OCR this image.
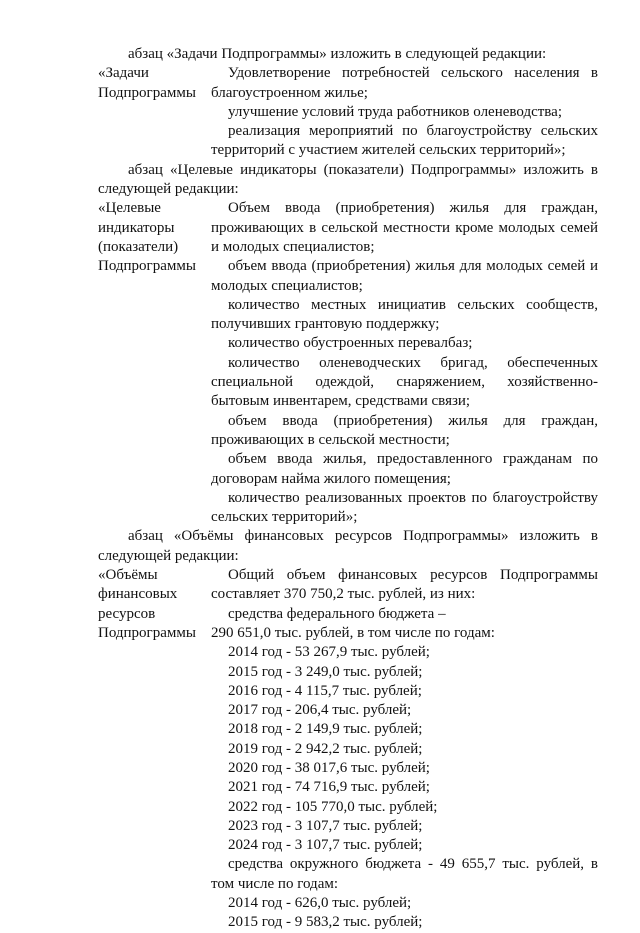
абзац «Задачи Подпрограммы» изложить в следующей редакции:

«Задачи
Подпрограммы

Удовлетворение потребностей сельского населения в благоустроенном жилье;

улучшение условий труда работников оленеводства;

реализация мероприятий по благоустройству сельских территорий с участием жителей сельских территорий»;

абзац «Целевые индикаторы (показатели) Подпрограммы» изложить в следующей редакции:

«Целевые
индикаторы
(показатели)
Подпрограммы

Объем ввода (приобретения) жилья для граждан, проживающих в сельской местности кроме молодых семей и молодых специалистов;

объем ввода (приобретения) жилья для молодых семей и молодых специалистов;

количество местных инициатив сельских сообществ, получивших грантовую поддержку;

количество обустроенных перевалбаз;

количество оленеводческих бригад, обеспеченных специальной одеждой, снаряжением, хозяйственно-бытовым инвентарем, средствами связи;

объем ввода (приобретения) жилья для граждан, проживающих в сельской местности;

объем ввода жилья, предоставленного гражданам по договорам найма жилого помещения;

количество реализованных проектов по благоустройству сельских территорий»;

абзац «Объёмы финансовых ресурсов Подпрограммы» изложить в следующей редакции:

«Объёмы
финансовых
ресурсов
Подпрограммы

Общий объем финансовых ресурсов Подпрограммы составляет 370 750,2 тыс. рублей, из них:

средства федерального бюджета –

290 651,0 тыс. рублей, в том числе по годам:

2014 год - 53 267,9 тыс. рублей;

2015 год - 3 249,0 тыс. рублей;

2016 год - 4 115,7 тыс. рублей;

2017 год - 206,4 тыс. рублей;

2018 год - 2 149,9 тыс. рублей;

2019 год - 2 942,2 тыс. рублей;

2020 год - 38 017,6 тыс. рублей;

2021 год - 74 716,9 тыс. рублей;

2022 год - 105 770,0 тыс. рублей;

2023 год - 3 107,7 тыс. рублей;

2024 год - 3 107,7 тыс. рублей;

средства окружного бюджета - 49 655,7 тыс. рублей, в том числе по годам:

2014 год - 626,0 тыс. рублей;

2015 год - 9 583,2 тыс. рублей;
